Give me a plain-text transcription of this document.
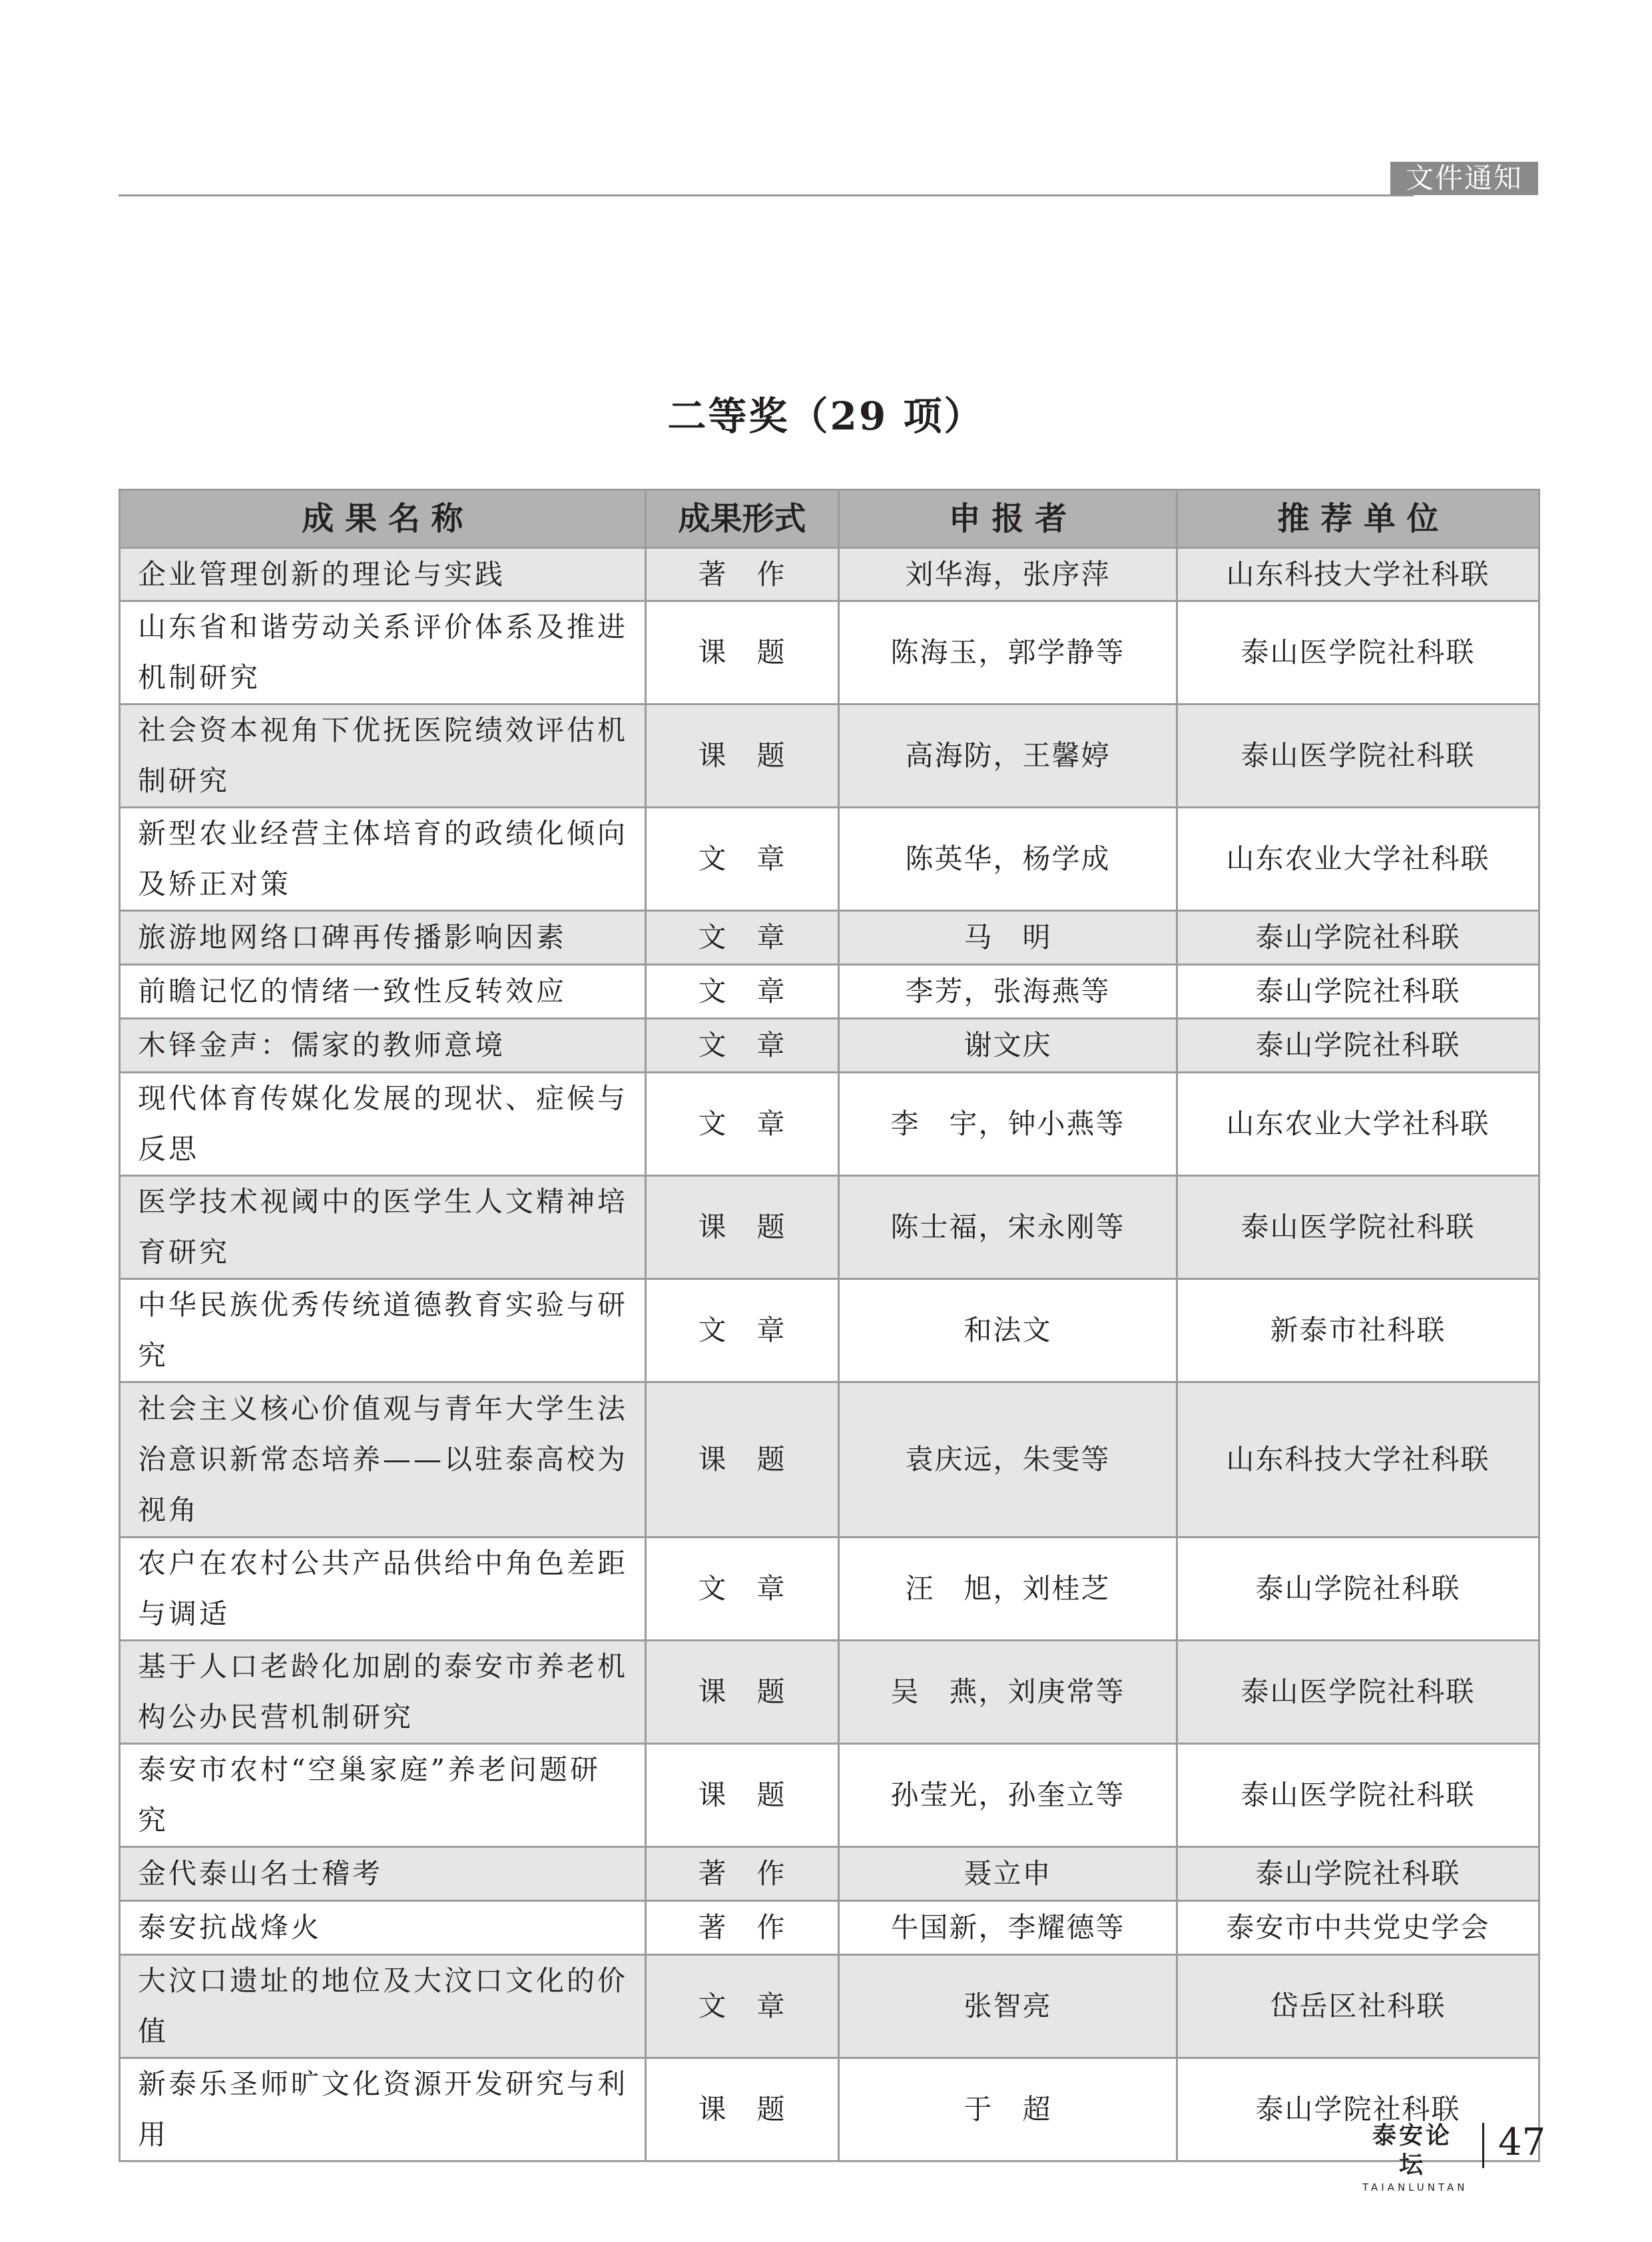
文件通知
二等奖（29 项）
成 果 名 称	成果形式	申 报 者	推 荐 单 位
企业管理创新的理论与实践	著　作	刘华海，张序萍	山东科技大学社科联
山东省和谐劳动关系评价体系及推进机制研究	课　题	陈海玉，郭学静等	泰山医学院社科联
社会资本视角下优抚医院绩效评估机制研究	课　题	高海防，王馨婷	泰山医学院社科联
新型农业经营主体培育的政绩化倾向及矫正对策	文　章	陈英华，杨学成	山东农业大学社科联
旅游地网络口碑再传播影响因素	文　章	马　明	泰山学院社科联
前瞻记忆的情绪一致性反转效应	文　章	李芳，张海燕等	泰山学院社科联
木铎金声：儒家的教师意境	文　章	谢文庆	泰山学院社科联
现代体育传媒化发展的现状、症候与反思	文　章	李　宇，钟小燕等	山东农业大学社科联
医学技术视阈中的医学生人文精神培育研究	课　题	陈士福，宋永刚等	泰山医学院社科联
中华民族优秀传统道德教育实验与研究	文　章	和法文	新泰市社科联
社会主义核心价值观与青年大学生法治意识新常态培养——以驻泰高校为视角	课　题	袁庆远，朱雯等	山东科技大学社科联
农户在农村公共产品供给中角色差距与调适	文　章	汪　旭，刘桂芝	泰山学院社科联
基于人口老龄化加剧的泰安市养老机构公办民营机制研究	课　题	吴　燕，刘庚常等	泰山医学院社科联
泰安市农村“空巢家庭”养老问题研究	课　题	孙莹光，孙奎立等	泰山医学院社科联
金代泰山名士稽考	著　作	聂立申	泰山学院社科联
泰安抗战烽火	著　作	牛国新，李耀德等	泰安市中共党史学会
大汶口遗址的地位及大汶口文化的价值	文　章	张智亮	岱岳区社科联
新泰乐圣师旷文化资源开发研究与利用	课　题	于　超	泰山学院社科联
泰安论坛
TAIANLUNTAN
47
